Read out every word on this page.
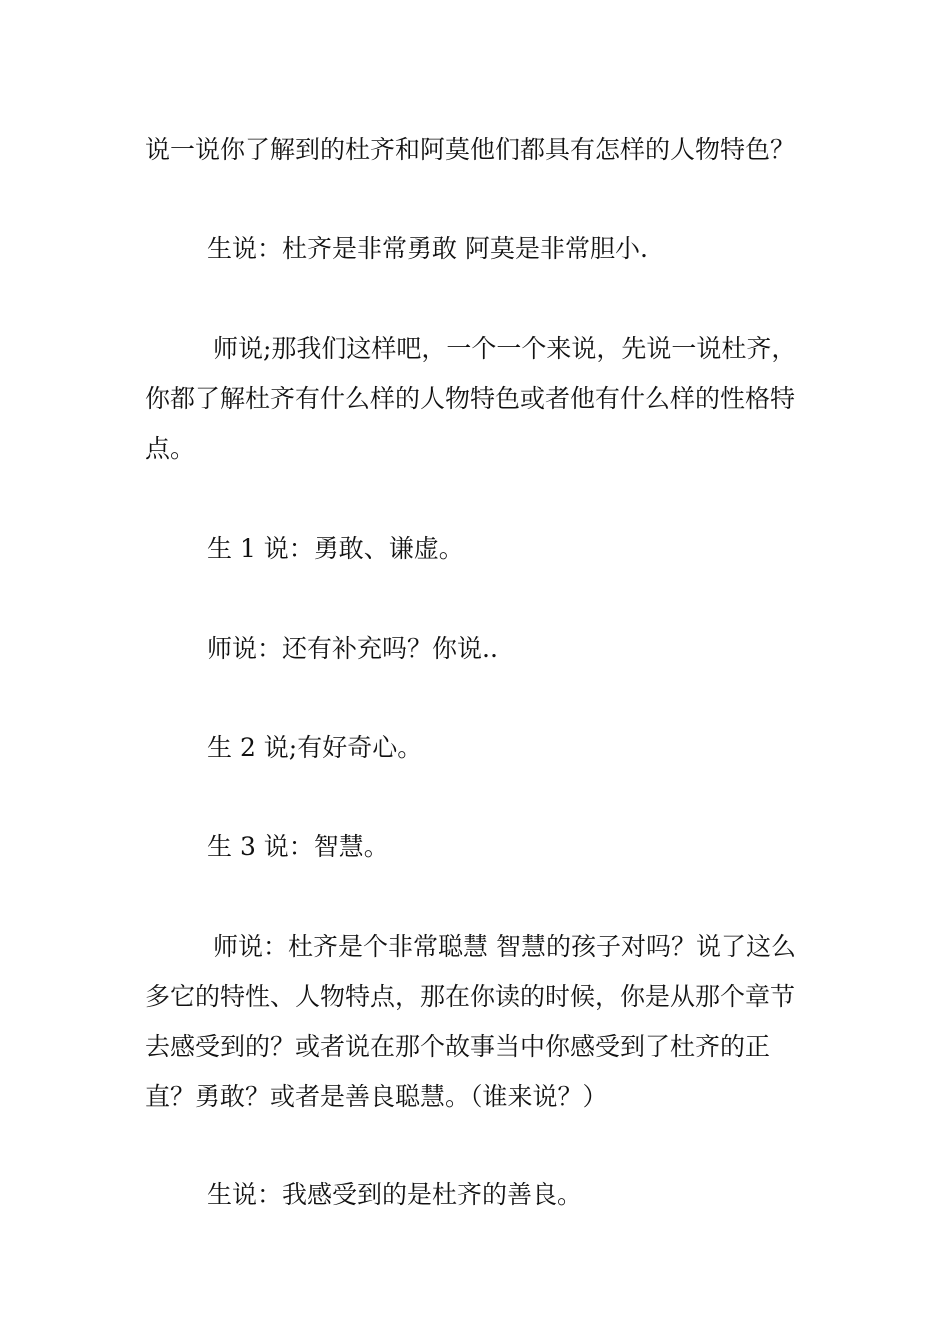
说一说你了解到的杜齐和阿莫他们都具有怎样的人物特色？

生说：杜齐是非常勇敢 阿莫是非常胆小.

师说;那我们这样吧，一个一个来说，先说一说杜齐，你都了解杜齐有什么样的人物特色或者他有什么样的性格特点。

生 1 说：勇敢、谦虚。

师说：还有补充吗？你说..

生 2 说;有好奇心。

生 3 说：智慧。

师说：杜齐是个非常聪慧 智慧的孩子对吗？说了这么多它的特性、人物特点，那在你读的时候，你是从那个章节去感受到的？或者说在那个故事当中你感受到了杜齐的正直？勇敢？或者是善良聪慧。（谁来说？）

生说：我感受到的是杜齐的善良。
